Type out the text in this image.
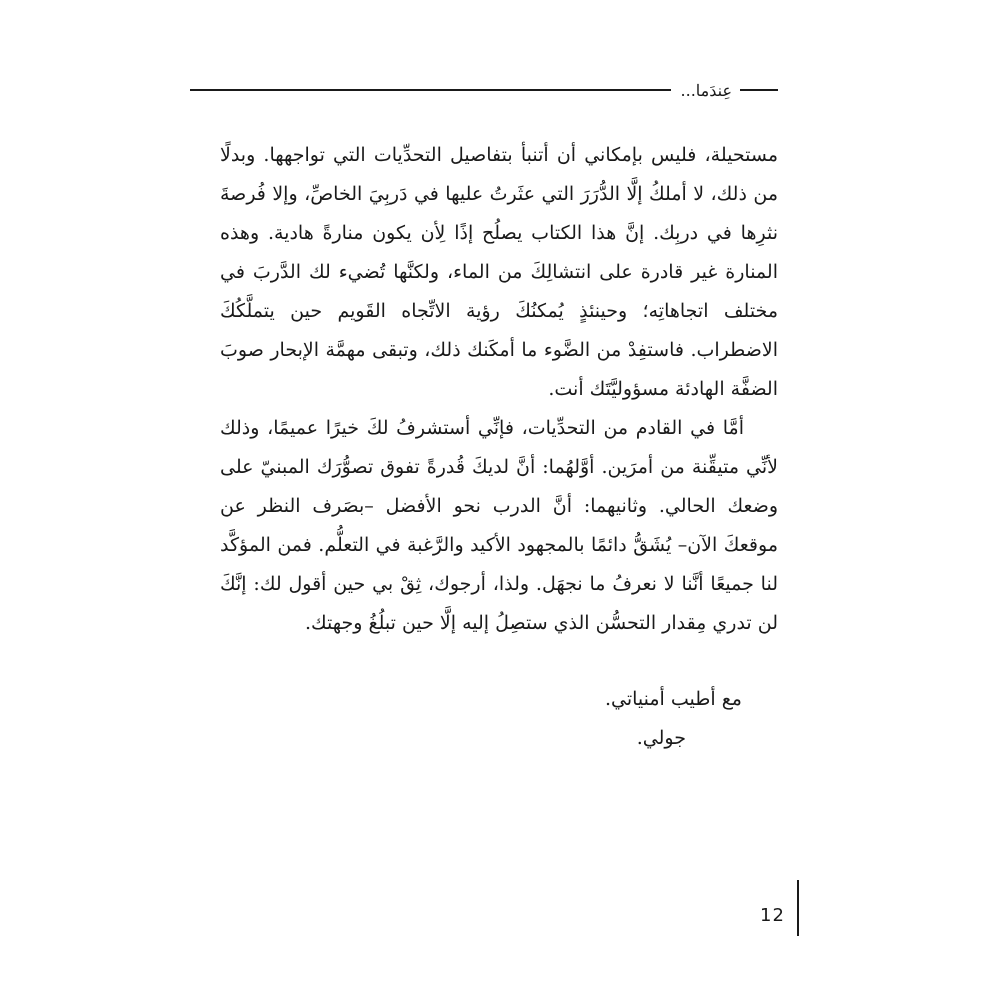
عِندَما...

مستحيلة، فليس بإمكاني أن أتنبأ بتفاصيل التحدِّيات التي تواجهها. وبدلًا من ذلك، لا أملكُ إلَّا الدُّرَرَ التي عثَرتُ عليها في دَربِيَ الخاصِّ، وإلا فُرصةَ نثرِها في دربِك. إنَّ هذا الكتاب يصلُح إذًا لِأن يكون منارةً هادية. وهذه المنارة غير قادرة على انتشالِكَ من الماء، ولكنَّها تُضيء لك الدَّربَ في مختلف اتجاهاتِه؛ وحينئذٍ يُمكنُكَ رؤية الاتِّجاه القَويم حين يتملَّكُكَ الاضطراب. فاستفِدْ من الضَّوء ما أمكَنك ذلك، وتبقى مهمَّة الإبحار صوبَ الضفَّة الهادئة مسؤوليَّتَك أنت.

أمَّا في القادم من التحدِّيات، فإنِّي أستشرفُ لكَ خيرًا عميمًا، وذلك لأنِّي متيقِّنة من أمرَين. أوَّلهُما: أنَّ لديكَ قُدرةً تفوق تصوُّرَك المبنيّ على وضعك الحالي. وثانيهما: أنَّ الدرب نحو الأفضل –بصَرف النظر عن موقعكَ الآن– يُشَقُّ دائمًا بالمجهود الأكيد والرَّغبة في التعلُّم. فمن المؤكَّد لنا جميعًا أنَّنا لا نعرفُ ما نجهَل. ولذا، أرجوك، ثِقْ بي حين أقول لك: إنَّكَ لن تدري مِقدار التحسُّن الذي ستصِلُ إليه إلَّا حين تبلُغُ وجهتك.

مع أطيب أمنياتي.
جولي.
12
